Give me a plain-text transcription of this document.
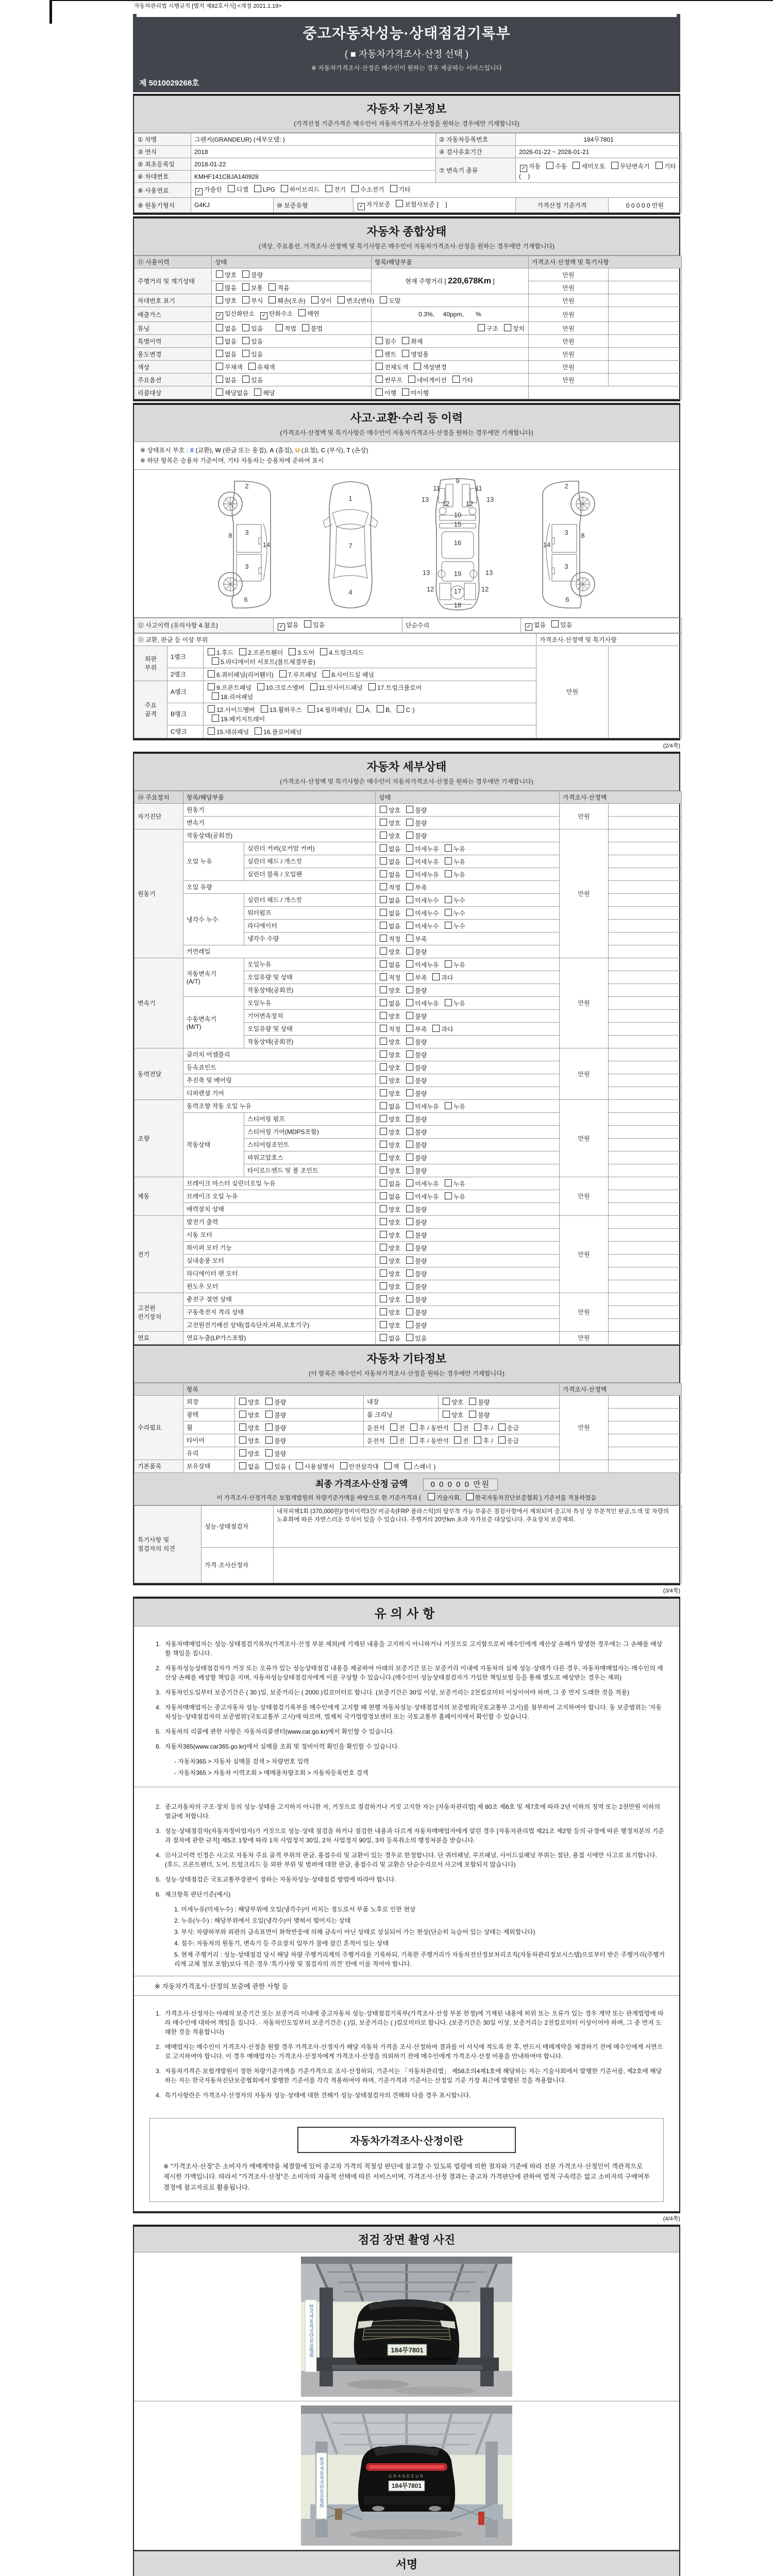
자동차관리법 시행규칙 [별지 제82호서식] <개정 2021.1.19>
중고자동차성능·상태점검기록부
( ■ 자동차가격조사·산정 선택 )
※ 자동차가격조사·산정은 매수인이 원하는 경우 제공하는 서비스입니다
제 5010029268호
자동차 기본정보
(가격산정 기준가격은 매수인이 자동차가격조사·산정을 원하는 경우에만 기재합니다)
① 차명	그랜저(GRANDEUR) (세부모델: )			② 자동차등록번호	184무7801	
③ 연식	2018			④ 검사유효기간	2026-01-22 ~ 2028-01-21	
⑤ 최초등록일	2018-01-22			⑦ 변속기 종류	✓ 자동 수동 세미오토 무단변속기 기타(    )	
⑥ 차대번호	KMHF141CBJA140928					
⑧ 사용연료	✓ 가솔린 디젤 LPG 하이브리드 전기 수소전기 기타					
⑨ 원동기형식	G4KJ	⑩ 보증유형	✓ 자가보증 보험사보증 [    ]		가격산정 기준가격	0 0 0 0 0 만원
자동차 종합상태
(색상, 주요옵션, 가격조사·산정액 및 특기사항은 매수인이 자동차가격조사·산정을 원하는 경우에만 기재합니다)
⑪ 사용이력	상태	항목/해당부품	가격조사·산정액 및 특기사항	
주행거리 및 계기상태	양호 불량	현재 주행거리 [ 220,678Km ]	만원	
	많음 보통 적음		만원	
차대번호 표기	양호 부식 훼손(오손) 상이 변조(변타) 도말		만원	
배출가스	✓ 일산화탄소 ✓ 탄화수소 매연	0.3%,     40ppm,       %	만원	
튜닝	없음 있음 적법 불법	구조 장치	만원	
특별이력	없음 있음	침수 화재	만원	
용도변경	없음 있음	렌트 영업용	만원	
색상	무채색 유채색	전체도색 색상변경	만원	
주요옵션	없음 있음	썬루프 네비게이션 기타	만원	
리콜대상	해당없음 해당	이행 미이행		
사고·교환·수리 등 이력
(가격조사·산정액 및 특기사항은 매수인이 자동차가격조사·산정을 원하는 경우에만 기재합니다)
※ 상태표시 부호 : X (교환), W (판금 또는 용접), A (흠집), U (요철), C (부식), T (손상)
※ 하단 항목은 승용차 기준이며, 기타 자동차는 승용차에 준하여 표시
2
8 3
14
3
6
1
7
4
9
11	11
13
12 12
13
10
15
16
13	19	13
12	17	12
18
2
8
3
14
3
6
⑫ 사고이력 (유의사항 4.참조)	✓ 없음 있음	단순수리	✓ 없음 있음
⑬ 교환, 판금 등 이상 부위			가격조사·산정액 및 특기사항	
외판
부위	1랭크	1.후드 2.프론트휀더 3.도어 4.트렁크리드
5.라디에이터 서포트(볼트체결부품)	만원	
	2랭크	6.쿼터패널(리어휀더) 7.루프패널 8.사이드실 패널		
주요
골격	A랭크	9.프론트패널 10.크로스멤버 11.인사이드패널 17.트렁크플로어
18.리어패널		
	B랭크	12.사이드멤버 13.휠하우스 14.필러패널( A, B, C )
19.페키지트레이		
	C랭크	15.대쉬패널 16.플로어패널		
(2/4쪽)
자동차 세부상태
(가격조사·산정액 및 특기사항은 매수인이 자동차가격조사·산정을 원하는 경우에만 기재합니다)
⑭ 주요장치	항목/해당부품		상태	가격조사·산정액	
자기진단	원동기		양호 불량	만원	
	변속기		양호 불량		
원동기	작동상태(공회전)		양호 불량	만원	
	오일 누유	실린더 커버(로커암 커버)	없음 미세누유 누유		
		실린더 헤드 / 개스킷	없음 미세누유 누유		
		실린더 블록 / 오일팬	없음 미세누유 누유		
	오일 유량		적정 부족		
	냉각수 누수	실린더 헤드 / 개스킷	없음 미세누수 누수		
		워터펌프	없음 미세누수 누수		
		라디에이터	없음 미세누수 누수		
		냉각수 수량	적정 부족		
	커먼레일		양호 불량		
변속기	자동변속기
(A/T)	오일누유	없음 미세누유 누유	만원	
		오일유량 및 상태	적정 부족 과다		
		작동상태(공회전)	양호 불량		
	수동변속기
(M/T)	오일누유	없음 미세누유 누유		
		기어변속장치	양호 불량		
		오일유량 및 상태	적정 부족 과다		
		작동상태(공회전)	양호 불량		
동력전달	클러치 어셈블리		양호 불량	만원	
	등속죠인트		양호 불량		
	추진축 및 베어링		양호 불량		
	디퍼렌셜 기어		양호 불량		
조향	동력조향 작동 오일 누유		없음 미세누유 누유	만원	
	작동상태	스티어링 펌프	양호 불량		
		스티어링 기어(MDPS포함)	양호 불량		
		스티어링조인트	양호 불량		
		파워고압호스	양호 불량		
		타이로드엔드 및 볼 조인트	양호 불량		
제동	브레이크 마스터 실린더오일 누유		없음 미세누유 누유	만원	
	브레이크 오일 누유		없음 미세누유 누유		
	배력장치 상태		양호 불량		
전기	발전기 출력		양호 불량	만원	
	시동 모터		양호 불량		
	와이퍼 모터 기능		양호 불량		
	실내송풍 모터		양호 불량		
	라디에이터 팬 모터		양호 불량		
	윈도우 모터		양호 불량		
고전원
전기장치	충전구 절연 상태		양호 불량	만원	
	구동축전지 격리 상태		양호 불량		
	고전원전기배선 상태(접속단자,피복,보호기구)		양호 불량		
연료	연료누출(LP가스포함)		없음 있음	만원	
자동차 기타정보
(이 항목은 매수인이 자동차가격조사·산정을 원하는 경우에만 기재합니다)
	항목				가격조사·산정액	
수리필요	외장	양호 불량	내장	양호 불량	만원	
	광택	양호 불량	룸 크리닝	양호 불량		
	휠	양호 불량	운전석 전 후 / 동반석 전 후 / 응급			
	타이어	양호 불량	운전석 전 후 / 동반석 전 후 / 응급			
	유리	양호 불량				
기본품목	보유상태	없음 있음 ( 사용설명서 안전삼각대 잭 스패너 )				
최종 가격조사·산정 금액	0 0 0 0 0 만원
이 가격조사·산정가격은 보험개발원의 차량기준가액을 바탕으로 한 기준가격과 ( 기술사회, 한국자동차진단보증협회 ) 기준서를 적용하였음
특기사항 및
점검자의 의견	성능·상태점검자	내차피해1회 (370,000원)/정비이력3건/ 비금속(FRP 플라스틱)의 탈부착 가능 부품은 점검사항에서 제외되며 중고차 특성 상 부분적인 판금,도색 및 차량의 노후화에 따른 자연스러운 부식이 있을 수 있습니다. 주행거리 20만km 초과 자가보증 대상입니다. 주요장치 보증제외.
	가격·조사산정자	
(3/4쪽)
유의사항
1. 자동차매매업자는 성능·상태점검기록부(가격조사·산정 부분 제외)에 기재된 내용을 고지하지 아니하거나 거짓으로 고지함으로써 매수인에게 재산상 손해가 발생한 경우에는 그 손해를 배상할 책임을 집니다.
2. 자동차성능상태점검자가 거짓 또는 오류가 있는 성능상태점검 내용을 제공하여 아래의 보증기간 또는 보증거리 이내에 자동차의 실제 성능·상태가 다른 경우, 자동차매매업자는 매수인의 재산상 손해를 배상할 책임을 지며, 자동차성능상태점검자에게 이를 구상할 수 있습니다.(매수인이 성능상태점검자가 가입한 책임보험 등을 통해 별도로 배상받는 경우는 제외)
3. 자동차인도일부터 보증기간은 ( 30 )일, 보증거리는 ( 2000 )킬로미터로 합니다. (보증기간은 30일 이상, 보증거리는 2천킬로미터 이상이어야 하며, 그 중 먼저 도래한 것을 적용)
4. 자동차매매업자는 중고자동차 성능·상태점검기록부를 매수인에게 고지할 때 현행 자동차성능·상태점검자의 보증범위(국토교통부 고시)를 첨부하여 고지하여야 합니다. 동 보증범위는 '자동차성능·상태점검자의 보증범위'(국토교통부 고시)에 따르며, 법제처 국가법령정보센터 또는 국토교통부 홈페이지에서 확인할 수 있습니다.
5. 자동차의 리콜에 관한 사항은 자동차리콜센터(www.car.go.kr)에서 확인할 수 있습니다.
6. 자동차365(www.car365.go.kr)에서 실매물 조회 및 정비이력 확인을 확인할 수 있습니다.
- 자동차365 > 자동차 실매물 검색 > 차량번호 입력
- 자동차365 > 자동차 이력조회 > 매매용차량조회 > 자동차등록번호 검색
2. 중고자동차의 구조·장치 등의 성능·상태를 고지하지 아니한 자, 거짓으로 점검하거나 거짓 고지한 자는 [자동차관리법] 제 80조 제6호 및 제7호에 따라 2년 이하의 징역 또는 2천만원 이하의 벌금에 처합니다.
3. 성능·상태점검자(자동차정비업자)가 거짓으로 성능·상태 점검을 하거나 점검한 내용과 다르게 자동차매매업자에게 알린 경우 [자동차관리법 제21조 제2항 등의 규정에 따른 행정처분의 기준과 절차에 관한 규칙] 제5조 1항에 따라 1차 사업정지 30일, 2차 사업정지 90일, 3차 등록취소의 행정처분을 받습니다.
4. ⑫사고이력 인정은 사고로 자동차 주요 골격 부위의 판금, 용접수리 및 교환이 있는 경우로 한정합니다. 단 쿼터패널, 루프패널, 사이드실패널 부위는 절단, 용접 시에만 사고로 표기합니다. (후드, 프론트펜더, 도어, 트렁크리드 등 외판 부위 및 범퍼에 대한 판금, 용접수리 및 교환은 단순수리로서 사고에 포함되지 않습니다)
5. 성능·상태점검은 국토교통부장관이 정하는 자동차성능·상태점검 방법에 따라야 합니다.
6. 체크항목 판단기준(예시)
1. 미세누유(미세누수) : 해당부위에 오일(냉각수)이 비치는 정도로서 부품 노후로 인한 현상
2. 누유(누수) : 해당부위에서 오일(냉각수)이 맺혀서 떨어지는 상태
3. 부식: 차량하부와 외판의 금속표면이 화학반응에 의해 금속이 아닌 상태로 상실되어 가는 현상(단순히 녹슬어 있는 상태는 제외합니다)
4. 침수: 자동차의 원동기, 변속기 등 주요장치 일부가 물에 잠긴 흔적이 있는 상태
5. 현재 주행거리 : 성능·상태점검 당시 해당 차량 주행거리계의 주행거리를 기록하되, 기록한 주행거리가 자동차전산정보처리조직(자동차관리정보시스템)으로부터 받은 주행거리(주행거리계 교체 정보 포함)보다 적은 경우 '특기사항 및 점검자의 의견' 란에 이를 적어야 합니다.
※ 자동차가격조사·산정의 보증에 관한 사항 등
1. 가격조사·산정자는 아래의 보증기간 또는 보증거리 이내에 중고자동차 성능·상태점검기록부(가격조사·산정 부분 한정)에 기재된 내용에 허위 또는 오류가 있는 경우 계약 또는 관계법령에 따라 매수인에 대하여 책임을 집니다. · 자동차인도일부터 보증기간은 ( )일, 보증거리는 ( )킬로미터로 합니다. (보증기간은 30일 이상, 보증거리는 2천킬로미터 이상이어야 하며, 그 중 먼저 도래한 것을 적용합니다)
2. 매매업자는 매수인이 가격조사·산정을 원할 경우 가격조사·산정자가 해당 자동차 가격을 조사·산정하여 결과를 이 서식에 적도록 한 후, 반드시 매매계약을 체결하기 전에 매수인에게 서면으로 고지하여야 합니다. 이 경우 매매업자는 가격조사·산정자에게 가격조사·산정을 의뢰하기 전에 매수인에게 가격조사·산정 비용을 안내하여야 합니다.
3. 자동차가격은 보험개발원이 정한 차량기준가액을 기준가격으로 조사·산정하되, 기준서는 「자동차관리법」 제58조의4제1호에 해당하는 자는 기술사회에서 발행한 기준서를, 제2호에 해당하는 자는 한국자동차진단보증협회에서 발행한 기준서를 각각 적용하여야 하며, 기준가격과 기준서는 산정일 기준 가장 최근에 발행된 것을 적용합니다.
4. 특기사항란은 가격조사·산정자의 자동차 성능·상태에 대한 견해가 성능·상태점검자의 견해와 다를 경우 표시합니다.
자동차가격조사·산정이란

※ "가격조사·산정"은 소비자가 매매계약을 체결함에 있어 중고차 가격의 적절성 판단에 참고할 수 있도록 법령에 의한 절차와 기준에 따라 전문 가격조사·산정인이 객관적으로 제시한 가액입니다. 따라서 "가격조사·산정"은 소비자의 자율적 선택에 따른 서비스이며, 가격조사·산정 결과는 중고차 가격판단에 관하여 법적 구속력은 없고 소비자의 구매여부 결정에 참고자료로 활용됩니다.

(4/4쪽)
점검 장면 촬영 사진
한국자동차진단보증협회	184무7801
한국자동차진단보증협회	GRANDEUR
184무7801
서명
